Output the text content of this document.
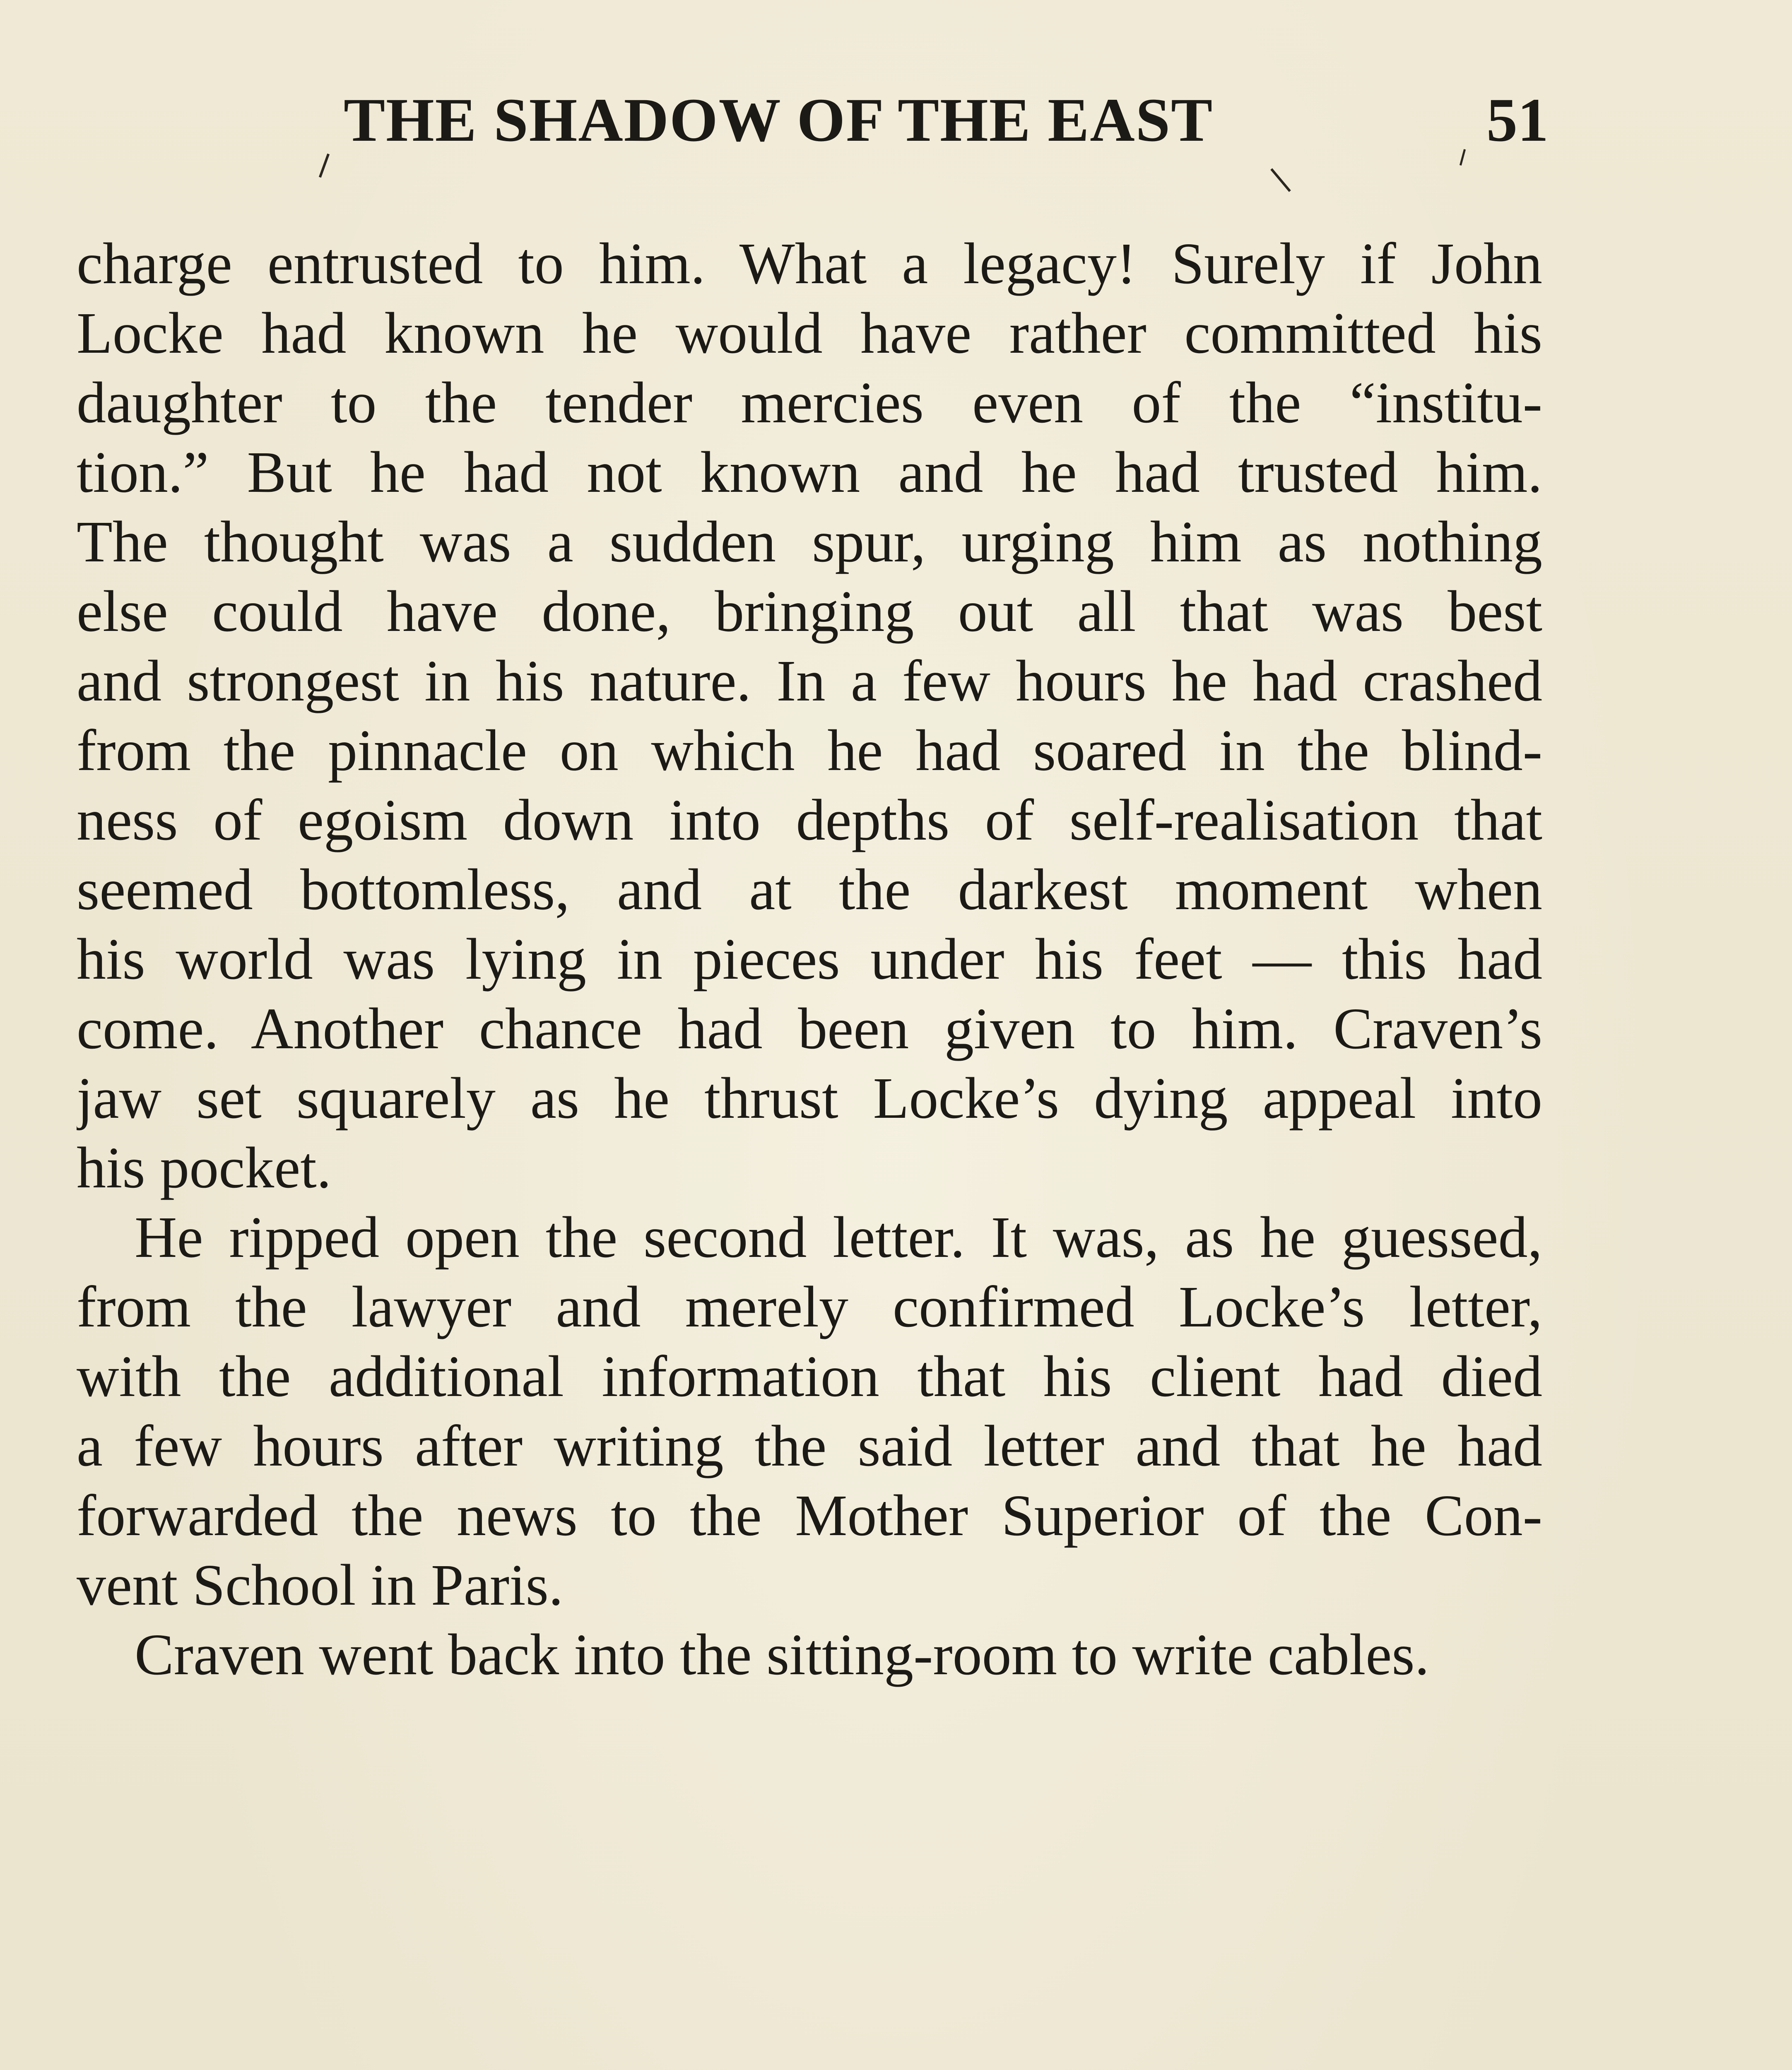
THE SHADOW OF THE EAST	51
charge entrusted to him. What a legacy! Surely if John
Locke had known he would have rather committed his
daughter to the tender mercies even of the “institu-
tion.” But he had not known and he had trusted him.
The thought was a sudden spur, urging him as nothing
else could have done, bringing out all that was best
and strongest in his nature. In a few hours he had crashed
from the pinnacle on which he had soared in the blind-
ness of egoism down into depths of self-realisation that
seemed bottomless, and at the darkest moment when
his world was lying in pieces under his feet — this had
come. Another chance had been given to him. Craven’s
jaw set squarely as he thrust Locke’s dying appeal into
his pocket.
He ripped open the second letter. It was, as he guessed,
from the lawyer and merely confirmed Locke’s letter,
with the additional information that his client had died
a few hours after writing the said letter and that he had
forwarded the news to the Mother Superior of the Con-
vent School in Paris.
Craven went back into the sitting-room to write cables.
